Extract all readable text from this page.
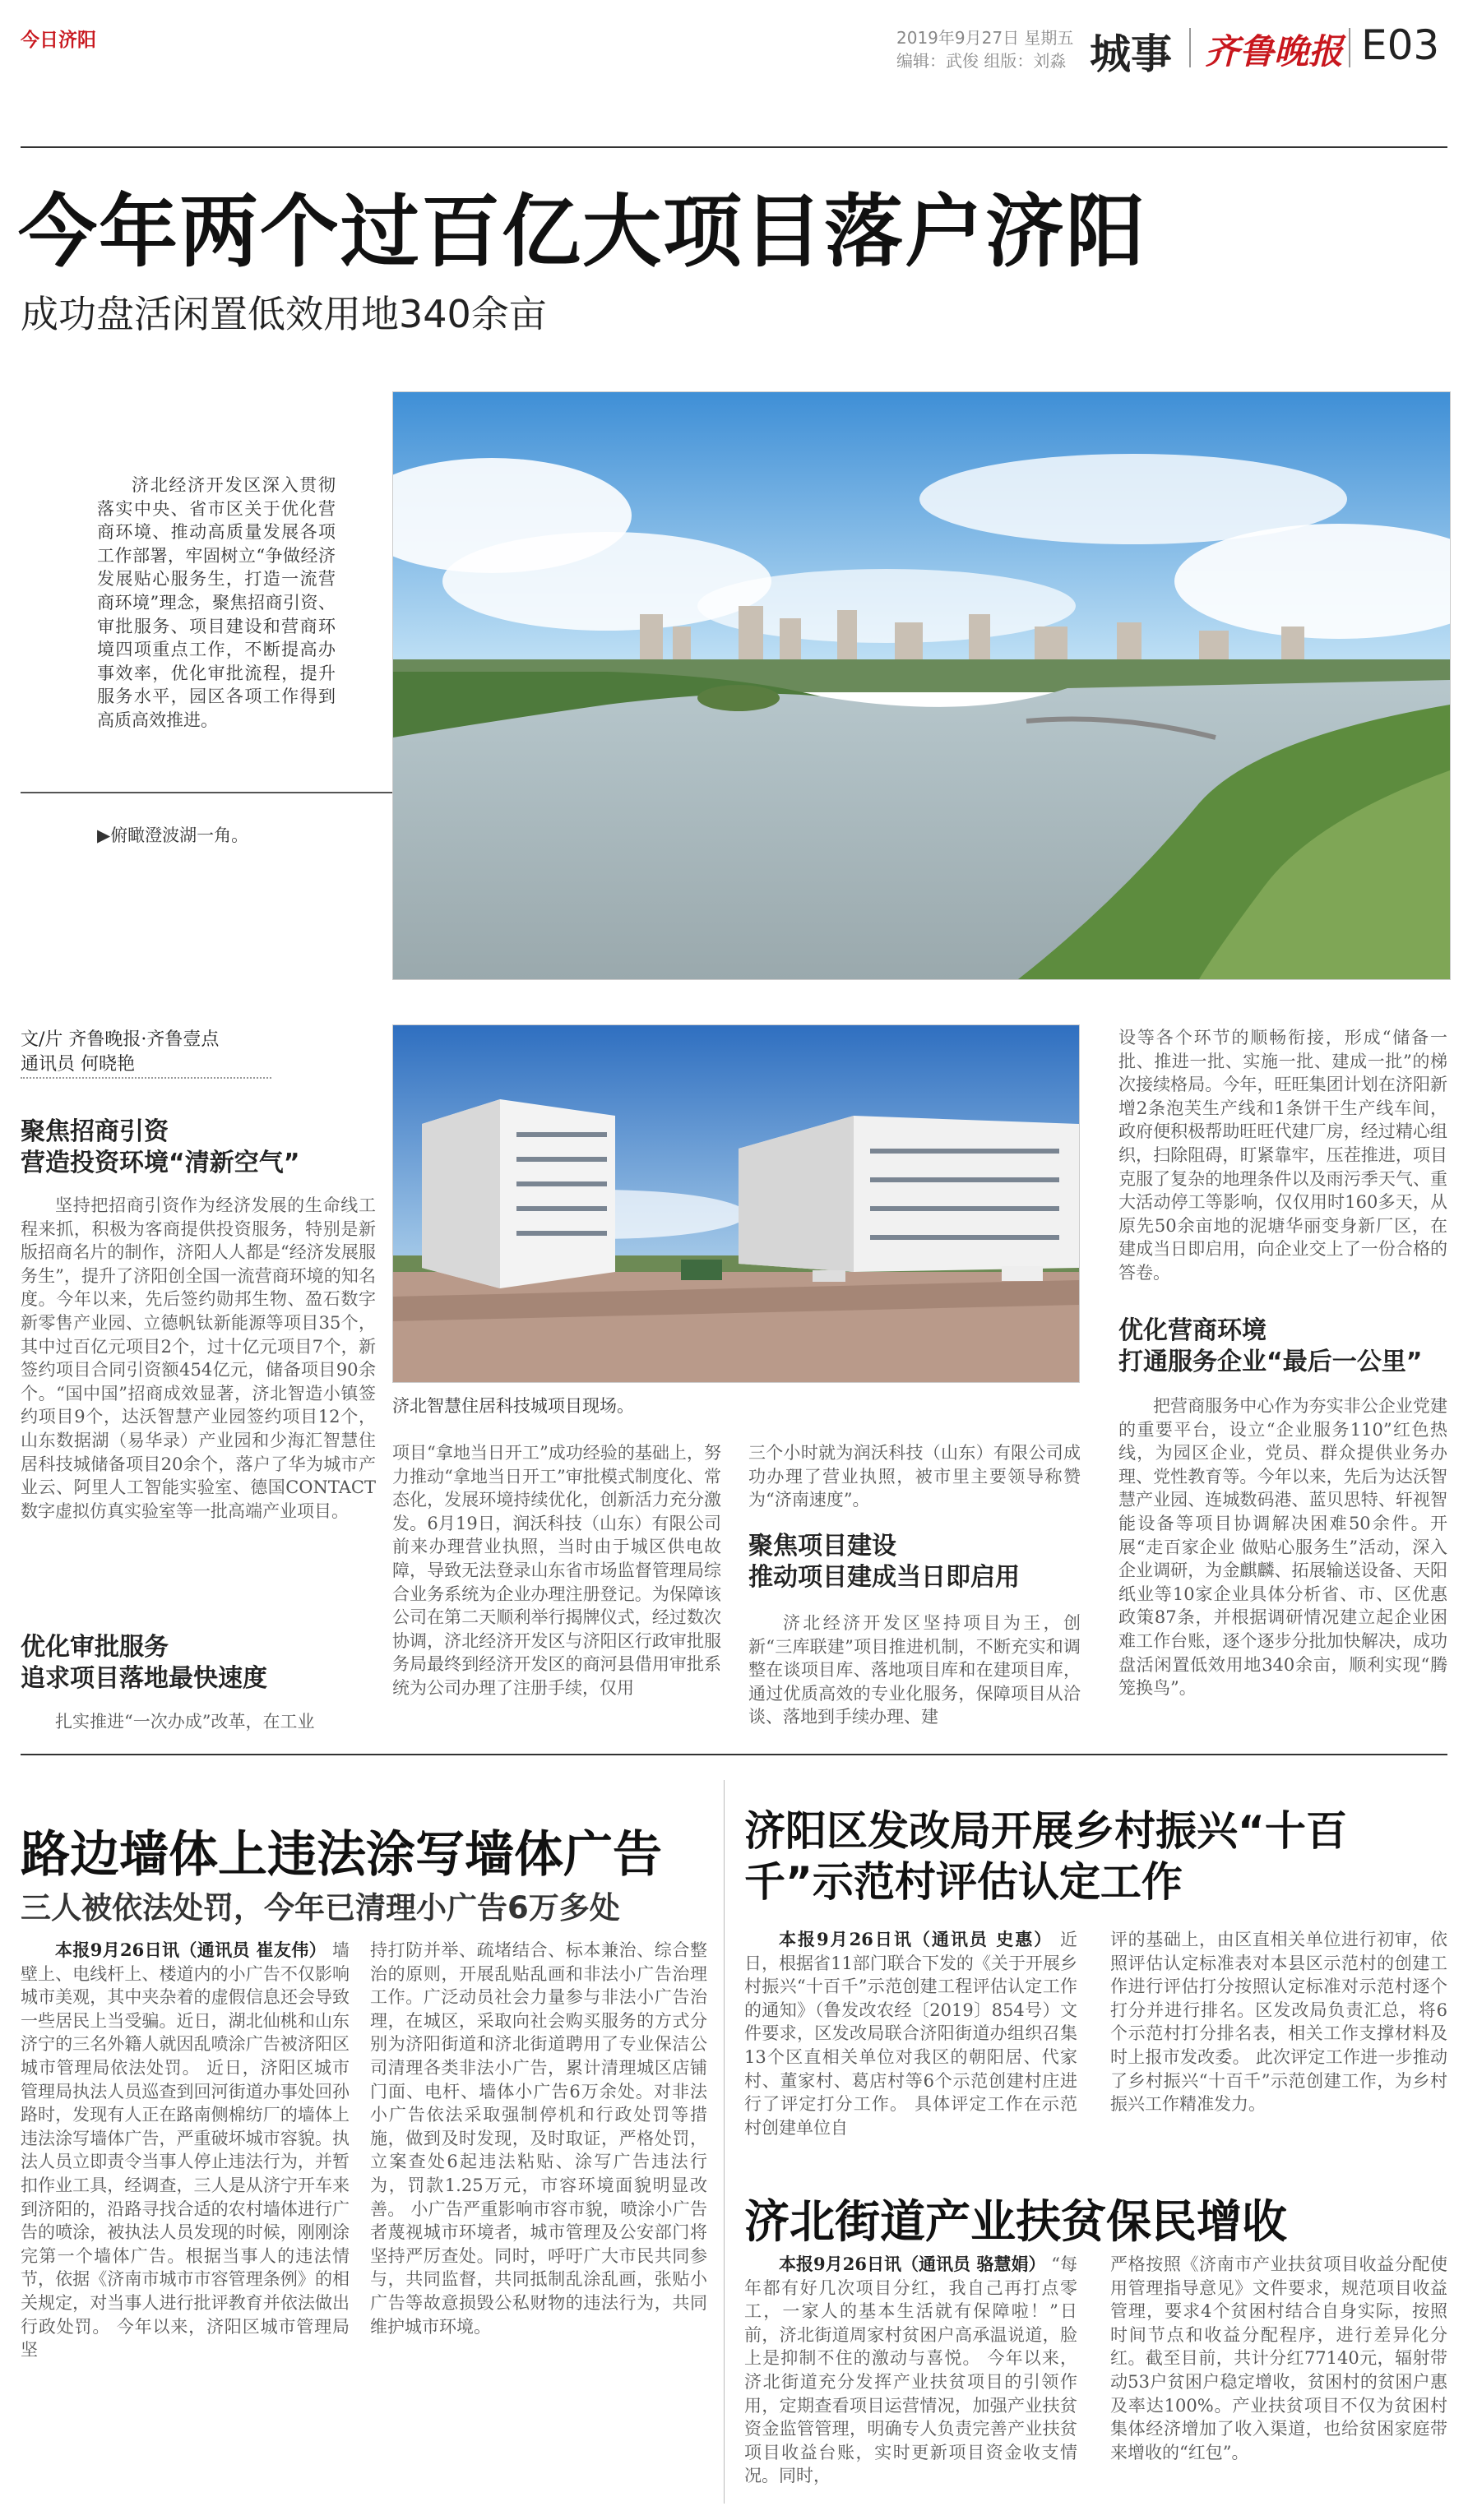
今日济阳	2019年9月27日 星期五
编辑：武俊 组版：刘淼 城事 齐鲁晚报 E03
今年两个过百亿大项目落户济阳
成功盘活闲置低效用地340余亩

济北经济开发区深入贯彻落实中央、省市区关于优化营商环境、推动高质量发展各项工作部署，牢固树立“争做经济发展贴心服务生，打造一流营商环境”理念，聚焦招商引资、审批服务、项目建设和营商环境四项重点工作，不断提高办事效率，优化审批流程，提升服务水平，园区各项工作得到高质高效推进。

▶俯瞰澄波湖一角。
文/片 齐鲁晚报·齐鲁壹点
通讯员 何晓艳
济北智慧住居科技城项目现场。
聚焦招商引资
营造投资环境“清新空气”

坚持把招商引资作为经济发展的生命线工程来抓，积极为客商提供投资服务，特别是新版招商名片的制作，济阳人人都是“经济发展服务生”，提升了济阳创全国一流营商环境的知名度。今年以来，先后签约勋邦生物、盈石数字新零售产业园、立德帆钛新能源等项目35个，其中过百亿元项目2个，过十亿元项目7个，新签约项目合同引资额454亿元，储备项目90余个。“国中国”招商成效显著，济北智造小镇签约项目9个，达沃智慧产业园签约项目12个，山东数据湖（易华录）产业园和少海汇智慧住居科技城储备项目20余个，落户了华为城市产业云、阿里人工智能实验室、德国CONTACT数字虚拟仿真实验室等一批高端产业项目。

优化审批服务
追求项目落地最快速度

扎实推进“一次办成”改革，在工业

项目“拿地当日开工”成功经验的基础上，努力推动“拿地当日开工”审批模式制度化、常态化，发展环境持续优化，创新活力充分激发。6月19日，润沃科技（山东）有限公司前来办理营业执照，当时由于城区供电故障，导致无法登录山东省市场监督管理局综合业务系统为企业办理注册登记。为保障该公司在第二天顺利举行揭牌仪式，经过数次协调，济北经济开发区与济阳区行政审批服务局最终到经济开发区的商河县借用审批系统为公司办理了注册手续，仅用

三个小时就为润沃科技（山东）有限公司成功办理了营业执照，被市里主要领导称赞为“济南速度”。

聚焦项目建设
推动项目建成当日即启用

济北经济开发区坚持项目为王，创新“三库联建”项目推进机制，不断充实和调整在谈项目库、落地项目库和在建项目库，通过优质高效的专业化服务，保障项目从洽谈、落地到手续办理、建

设等各个环节的顺畅衔接，形成“储备一批、推进一批、实施一批、建成一批”的梯次接续格局。今年，旺旺集团计划在济阳新增2条泡芙生产线和1条饼干生产线车间，政府便积极帮助旺旺代建厂房，经过精心组织，扫除阻碍，盯紧靠牢，压茬推进，项目克服了复杂的地理条件以及雨污季天气、重大活动停工等影响，仅仅用时160多天，从原先50余亩地的泥塘华丽变身新厂区，在建成当日即启用，向企业交上了一份合格的答卷。

优化营商环境
打通服务企业“最后一公里”

把营商服务中心作为夯实非公企业党建的重要平台，设立“企业服务110”红色热线，为园区企业，党员、群众提供业务办理、党性教育等。今年以来，先后为达沃智慧产业园、连城数码港、蓝贝思特、轩视智能设备等项目协调解决困难50余件。开展“走百家企业 做贴心服务生”活动，深入企业调研，为金麒麟、拓展输送设备、天阳纸业等10家企业具体分析省、市、区优惠政策87条，并根据调研情况建立起企业困难工作台账，逐个逐步分批加快解决，成功盘活闲置低效用地340余亩，顺利实现“腾笼换鸟”。

路边墙体上违法涂写墙体广告
三人被依法处罚，今年已清理小广告6万多处

本报9月26日讯（通讯员 崔友伟） 墙壁上、电线杆上、楼道内的小广告不仅影响城市美观，其中夹杂着的虚假信息还会导致一些居民上当受骗。近日，湖北仙桃和山东济宁的三名外籍人就因乱喷涂广告被济阳区城市管理局依法处罚。 近日，济阳区城市管理局执法人员巡查到回河街道办事处回孙路时，发现有人正在路南侧棉纺厂的墙体上违法涂写墙体广告，严重破坏城市容貌。执法人员立即责令当事人停止违法行为，并暂扣作业工具，经调查，三人是从济宁开车来到济阳的，沿路寻找合适的农村墙体进行广告的喷涂，被执法人员发现的时候，刚刚涂完第一个墙体广告。根据当事人的违法情节，依据《济南市城市市容管理条例》的相关规定，对当事人进行批评教育并依法做出行政处罚。 今年以来，济阳区城市管理局坚

持打防并举、疏堵结合、标本兼治、综合整治的原则，开展乱贴乱画和非法小广告治理工作。广泛动员社会力量参与非法小广告治理，在城区，采取向社会购买服务的方式分别为济阳街道和济北街道聘用了专业保洁公司清理各类非法小广告，累计清理城区店铺门面、电杆、墙体小广告6万余处。对非法小广告依法采取强制停机和行政处罚等措施，做到及时发现，及时取证，严格处罚，立案查处6起违法粘贴、涂写广告违法行为，罚款1.25万元，市容环境面貌明显改善。 小广告严重影响市容市貌，喷涂小广告者蔑视城市环境者，城市管理及公安部门将坚持严厉查处。同时，呼吁广大市民共同参与，共同监督，共同抵制乱涂乱画，张贴小广告等故意损毁公私财物的违法行为，共同维护城市环境。

济阳区发改局开展乡村振兴“十百千”示范村评估认定工作

本报9月26日讯（通讯员 史惠） 近日，根据省11部门联合下发的《关于开展乡村振兴“十百千”示范创建工程评估认定工作的通知》（鲁发改农经〔2019〕854号）文件要求，区发改局联合济阳街道办组织召集13个区直相关单位对我区的朝阳居、代家村、董家村、葛店村等6个示范创建村庄进行了评定打分工作。 具体评定工作在示范村创建单位自

评的基础上，由区直相关单位进行初审，依照评估认定标准表对本县区示范村的创建工作进行评估打分按照认定标准对示范村逐个打分并进行排名。区发改局负责汇总，将6个示范村打分排名表，相关工作支撑材料及时上报市发改委。 此次评定工作进一步推动了乡村振兴“十百千”示范创建工作，为乡村振兴工作精准发力。

济北街道产业扶贫保民增收

本报9月26日讯（通讯员 骆慧娟） “每年都有好几次项目分红，我自己再打点零工，一家人的基本生活就有保障啦！”日前，济北街道周家村贫困户高承温说道，脸上是抑制不住的激动与喜悦。 今年以来，济北街道充分发挥产业扶贫项目的引领作用，定期查看项目运营情况，加强产业扶贫资金监管管理，明确专人负责完善产业扶贫项目收益台账，实时更新项目资金收支情况。同时，

严格按照《济南市产业扶贫项目收益分配使用管理指导意见》文件要求，规范项目收益管理，要求4个贫困村结合自身实际，按照时间节点和收益分配程序，进行差异化分红。截至目前，共计分红77140元，辐射带动53户贫困户稳定增收，贫困村的贫困户惠及率达100%。产业扶贫项目不仅为贫困村集体经济增加了收入渠道，也给贫困家庭带来增收的“红包”。
